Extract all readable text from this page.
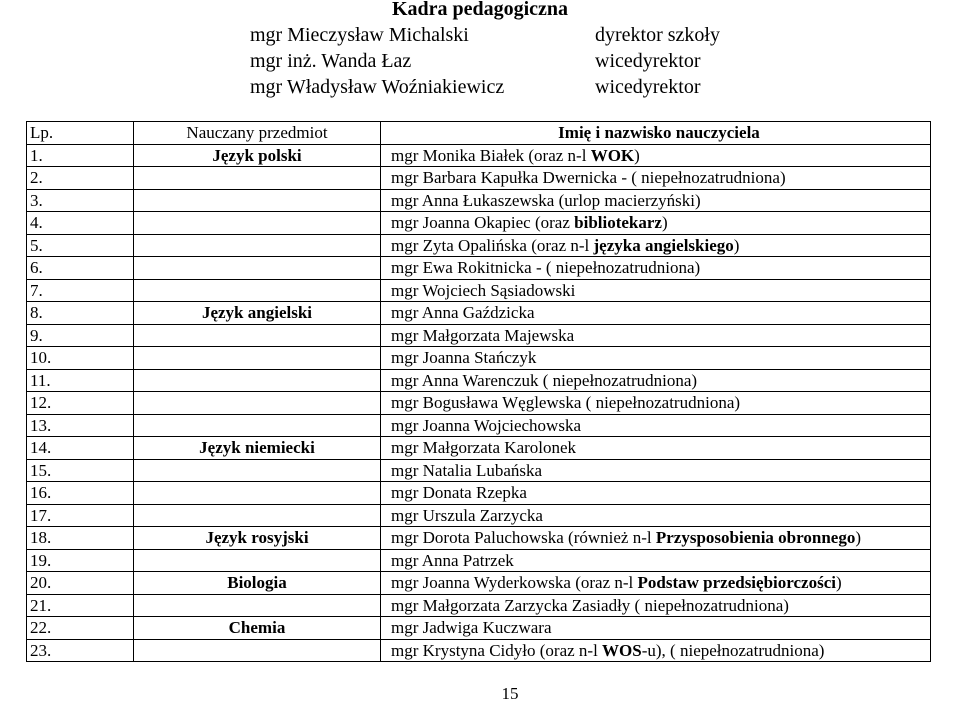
Kadra pedagogiczna
mgr Mieczysław Michalski	dyrektor szkoły
mgr inż. Wanda Łaz	wicedyrektor
mgr Władysław Woźniakiewicz	wicedyrektor
Lp.	Nauczany przedmiot	Imię i nazwisko nauczyciela
1.	Język polski	mgr Monika Białek (oraz n-l WOK)
2.		mgr Barbara Kapułka Dwernicka - ( niepełnozatrudniona)
3.		mgr Anna Łukaszewska (urlop macierzyński)
4.		mgr Joanna Okapiec (oraz bibliotekarz)
5.		mgr Zyta Opalińska (oraz n-l języka angielskiego)
6.		mgr Ewa Rokitnicka - ( niepełnozatrudniona)
7.		mgr Wojciech Sąsiadowski
8.	Język angielski	mgr Anna Gaździcka
9.		mgr Małgorzata Majewska
10.		mgr Joanna Stańczyk
11.		mgr Anna Warenczuk ( niepełnozatrudniona)
12.		mgr Bogusława Węglewska ( niepełnozatrudniona)
13.		mgr Joanna Wojciechowska
14.	Język niemiecki	mgr Małgorzata Karolonek
15.		mgr Natalia Lubańska
16.		mgr Donata Rzepka
17.		mgr Urszula Zarzycka
18.	Język rosyjski	mgr Dorota Paluchowska (również n-l Przysposobienia obronnego)
19.		mgr Anna Patrzek
20.	Biologia	mgr Joanna Wyderkowska (oraz n-l Podstaw przedsiębiorczości)
21.		mgr Małgorzata Zarzycka Zasiadły ( niepełnozatrudniona)
22.	Chemia	mgr Jadwiga Kuczwara
23.		mgr Krystyna Cidyło (oraz n-l WOS-u), ( niepełnozatrudniona)
15
